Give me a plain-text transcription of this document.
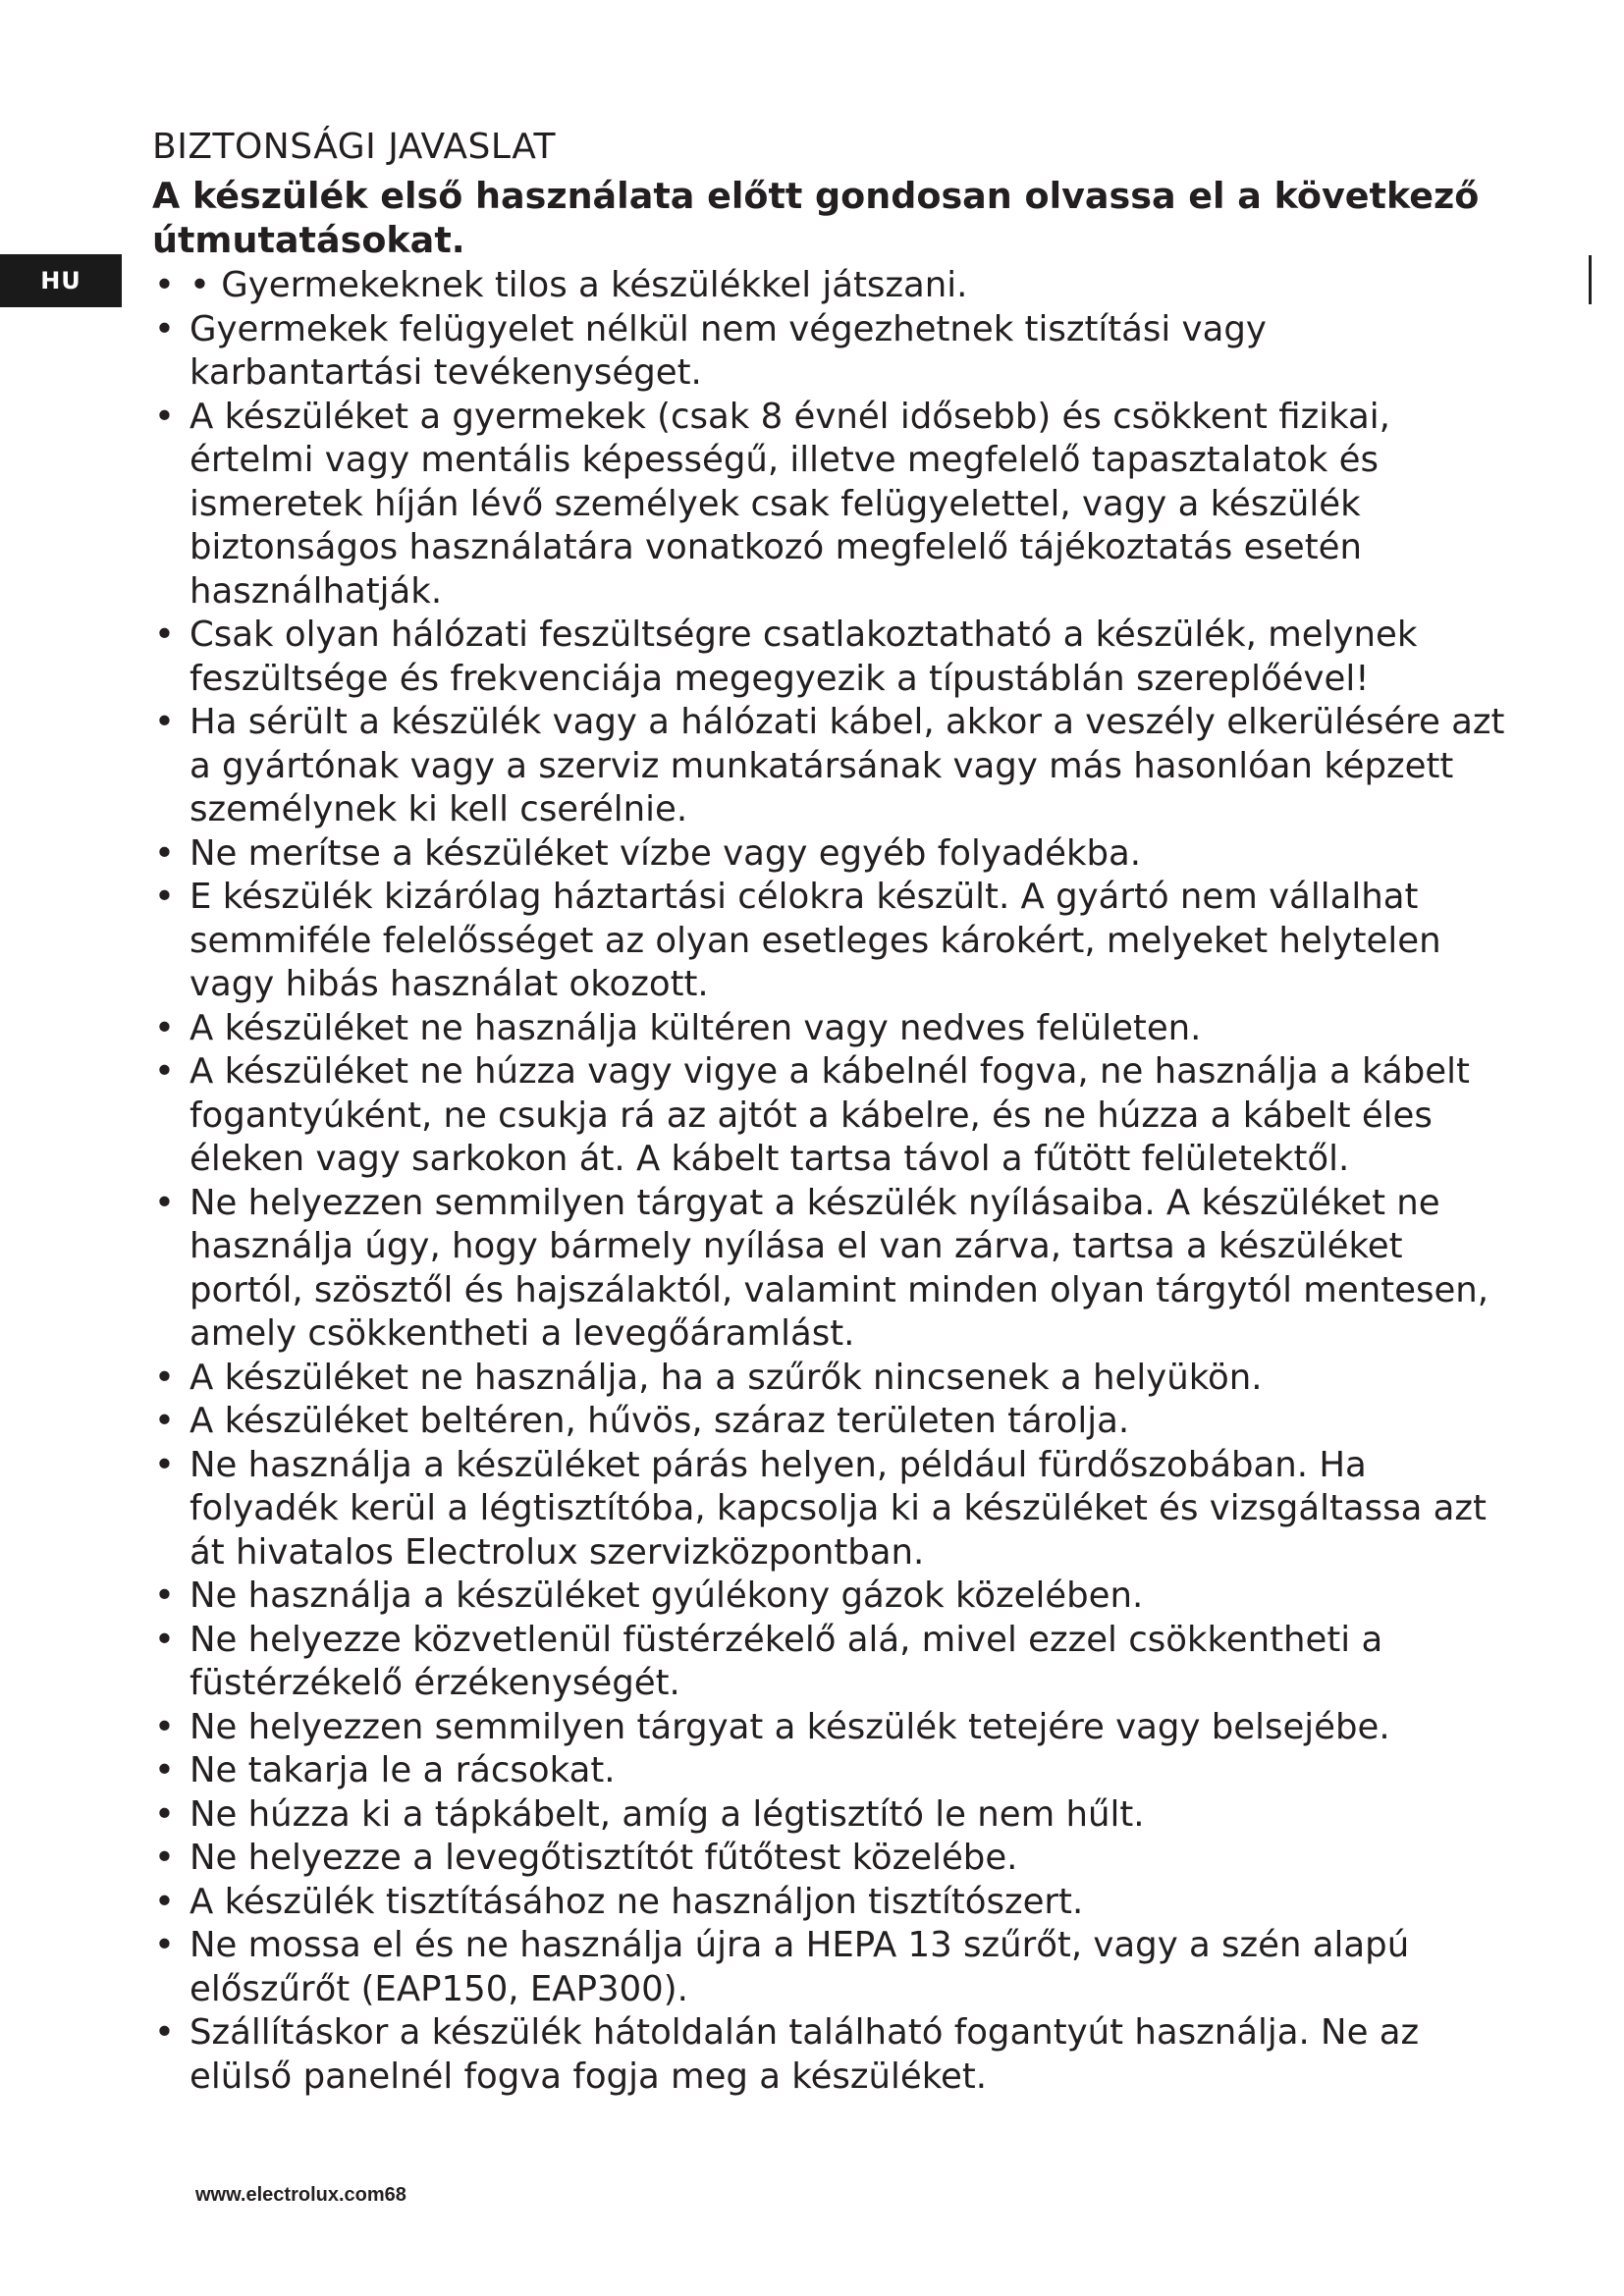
HU
BIZTONSÁGI JAVASLAT

A készülék első használata előtt gondosan olvassa el a következő útmutatásokat.

• • Gyermekeknek tilos a készülékkel játszani.
• Gyermekek felügyelet nélkül nem végezhetnek tisztítási vagy karbantartási tevékenységet.
• A készüléket a gyermekek (csak 8 évnél idősebb) és csökkent fizikai, értelmi vagy mentális képességű, illetve megfelelő tapasztalatok és ismeretek híján lévő személyek csak felügyelettel, vagy a készülék biztonságos használatára vonatkozó megfelelő tájékoztatás esetén használhatják.
• Csak olyan hálózati feszültségre csatlakoztatható a készülék, melynek feszültsége és frekvenciája megegyezik a típustáblán szereplőével!
• Ha sérült a készülék vagy a hálózati kábel, akkor a veszély elkerülésére azt a gyártónak vagy a szerviz munkatársának vagy más hasonlóan képzett személynek ki kell cserélnie.
• Ne merítse a készüléket vízbe vagy egyéb folyadékba.
• E készülék kizárólag háztartási célokra készült. A gyártó nem vállalhat semmiféle felelősséget az olyan esetleges károkért, melyeket helytelen vagy hibás használat okozott.
• A készüléket ne használja kültéren vagy nedves felületen.
• A készüléket ne húzza vagy vigye a kábelnél fogva, ne használja a kábelt fogantyúként, ne csukja rá az ajtót a kábelre, és ne húzza a kábelt éles éleken vagy sarkokon át. A kábelt tartsa távol a fűtött felületektől.
• Ne helyezzen semmilyen tárgyat a készülék nyílásaiba. A készüléket ne használja úgy, hogy bármely nyílása el van zárva, tartsa a készüléket portól, szösztől és hajszálaktól, valamint minden olyan tárgytól mentesen, amely csökkentheti a levegőáramlást.
• A készüléket ne használja, ha a szűrők nincsenek a helyükön.
• A készüléket beltéren, hűvös, száraz területen tárolja.
• Ne használja a készüléket párás helyen, például fürdőszobában. Ha folyadék kerül a légtisztítóba, kapcsolja ki a készüléket és vizsgáltassa azt át hivatalos Electrolux szervizközpontban.
• Ne használja a készüléket gyúlékony gázok közelében.
• Ne helyezze közvetlenül füstérzékelő alá, mivel ezzel csökkentheti a füstérzékelő érzékenységét.
• Ne helyezzen semmilyen tárgyat a készülék tetejére vagy belsejébe.
• Ne takarja le a rácsokat.
• Ne húzza ki a tápkábelt, amíg a légtisztító le nem hűlt.
• Ne helyezze a levegőtisztítót fűtőtest közelébe.
• A készülék tisztításához ne használjon tisztítószert.
• Ne mossa el és ne használja újra a HEPA 13 szűrőt, vagy a szén alapú előszűrőt (EAP150, EAP300).
• Szállításkor a készülék hátoldalán található fogantyút használja. Ne az elülső panelnél fogva fogja meg a készüléket.
www.electrolux.com68
